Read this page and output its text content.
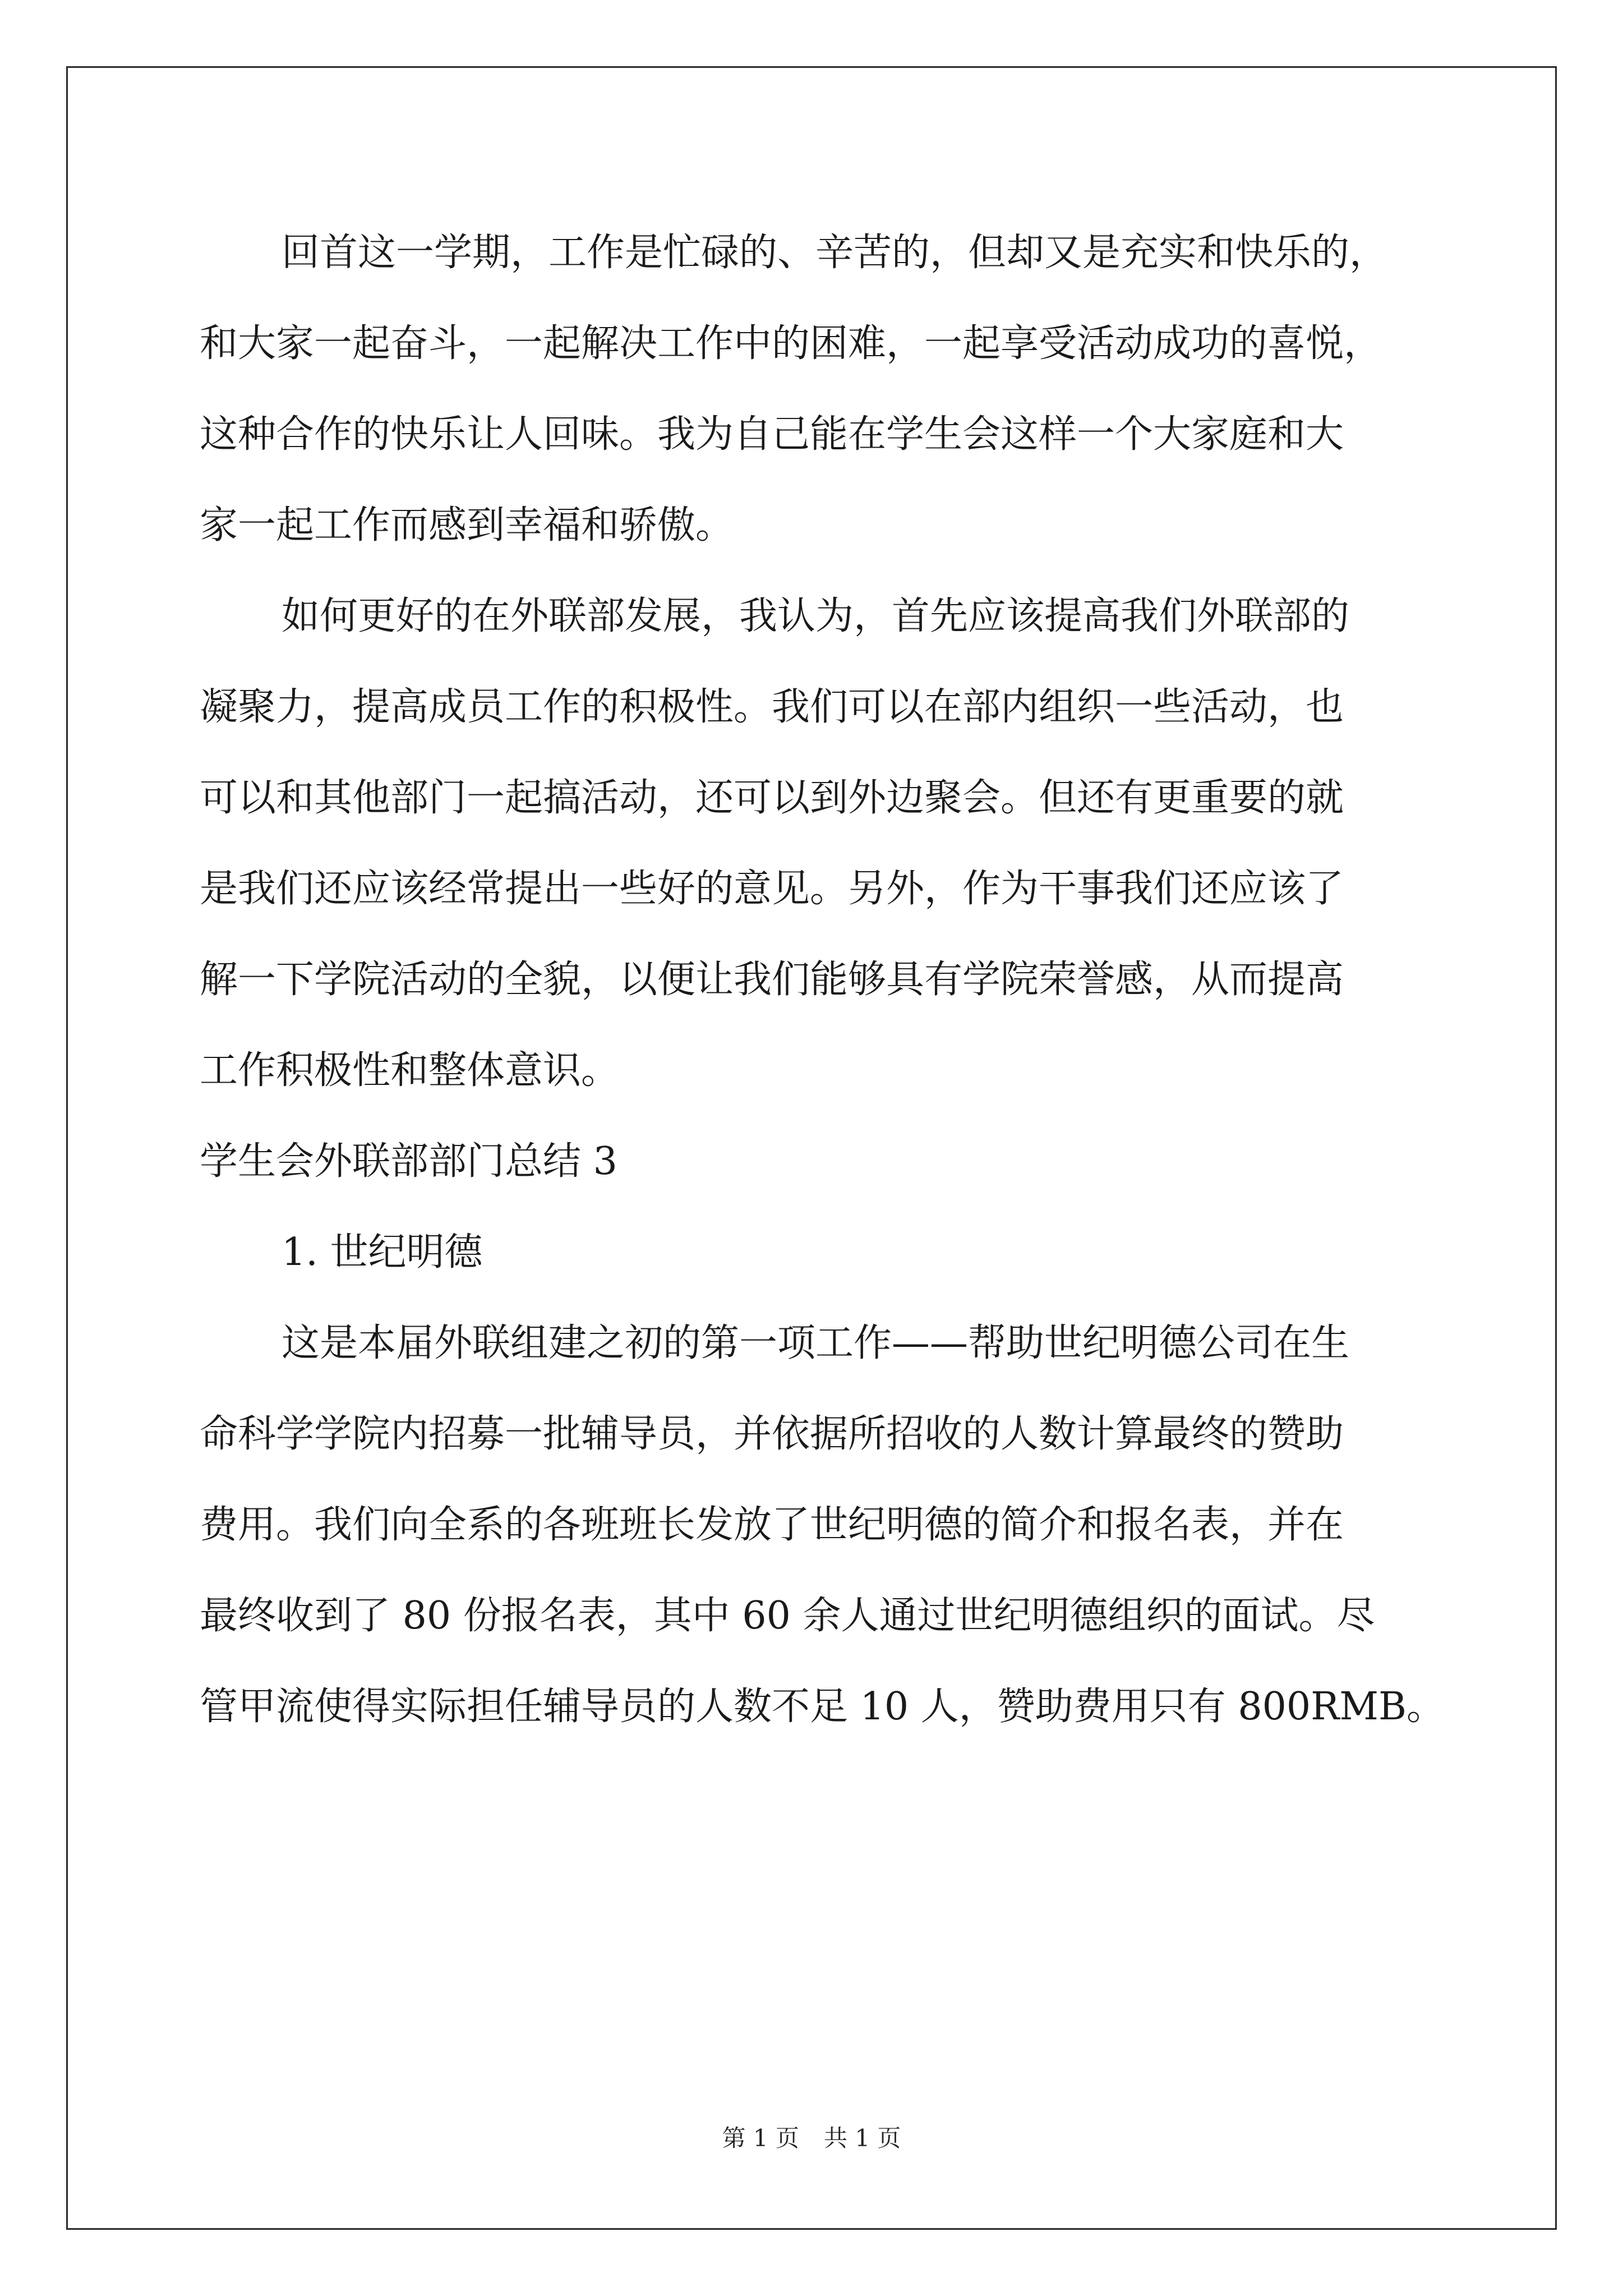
回首这一学期，工作是忙碌的、辛苦的，但却又是充实和快乐的，
和大家一起奋斗，一起解决工作中的困难，一起享受活动成功的喜悦，
这种合作的快乐让人回味。我为自己能在学生会这样一个大家庭和大
家一起工作而感到幸福和骄傲。
如何更好的在外联部发展，我认为，首先应该提高我们外联部的
凝聚力，提高成员工作的积极性。我们可以在部内组织一些活动，也
可以和其他部门一起搞活动，还可以到外边聚会。但还有更重要的就
是我们还应该经常提出一些好的意见。另外，作为干事我们还应该了
解一下学院活动的全貌，以便让我们能够具有学院荣誉感，从而提高
工作积极性和整体意识。
学生会外联部部门总结 3
1. 世纪明德
这是本届外联组建之初的第一项工作——帮助世纪明德公司在生
命科学学院内招募一批辅导员，并依据所招收的人数计算最终的赞助
费用。我们向全系的各班班长发放了世纪明德的简介和报名表，并在
最终收到了 80 份报名表，其中 60 余人通过世纪明德组织的面试。尽
管甲流使得实际担任辅导员的人数不足 10 人，赞助费用只有 800RMB。
第 1 页 共 1 页
